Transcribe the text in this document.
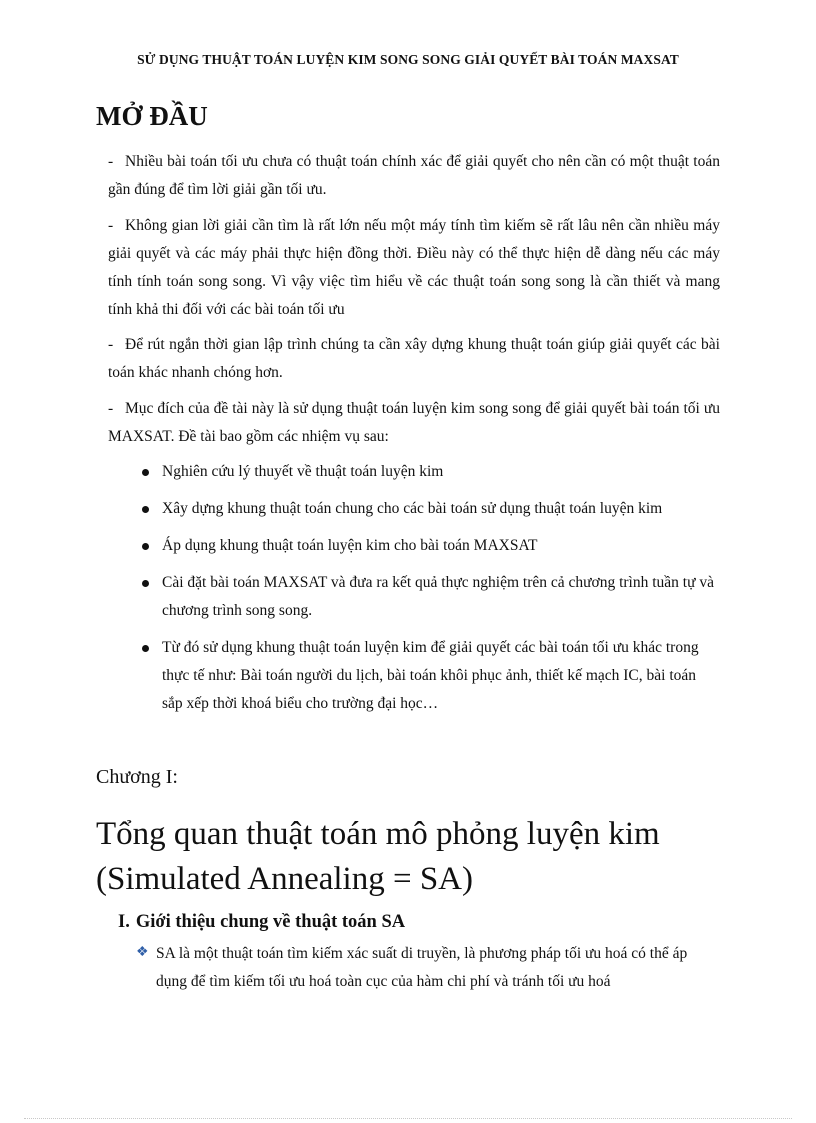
SỬ DỤNG THUẬT TOÁN LUYỆN KIM SONG SONG GIẢI QUYẾT BÀI TOÁN MAXSAT
MỞ ĐẦU

- Nhiều bài toán tối ưu chưa có thuật toán chính xác để giải quyết cho nên cần có một thuật toán gần đúng để tìm lời giải gần tối ưu.

- Không gian lời giải cần tìm là rất lớn nếu một máy tính tìm kiếm sẽ rất lâu nên cần nhiều máy giải quyết và các máy phải thực hiện đồng thời. Điều này có thể thực hiện dễ dàng nếu các máy tính tính toán song song. Vì vậy việc tìm hiểu về các thuật toán song song là cần thiết và mang tính khả thi đối với các bài toán tối ưu

- Để rút ngắn thời gian lập trình chúng ta cần xây dựng khung thuật toán giúp giải quyết các bài toán khác nhanh chóng hơn.

- Mục đích của đề tài này là sử dụng thuật toán luyện kim song song để giải quyết bài toán tối ưu MAXSAT. Đề tài bao gồm các nhiệm vụ sau:

Nghiên cứu lý thuyết về thuật toán luyện kim
Xây dựng khung thuật toán chung cho các bài toán sử dụng thuật toán luyện kim
Áp dụng khung thuật toán luyện kim cho bài toán MAXSAT
Cài đặt bài toán MAXSAT và đưa ra kết quả thực nghiệm trên cả chương trình tuần tự và chương trình song song.
Từ đó sử dụng khung thuật toán luyện kim để giải quyết các bài toán tối ưu khác trong thực tế như: Bài toán người du lịch, bài toán khôi phục ảnh, thiết kế mạch IC, bài toán sắp xếp thời khoá biểu cho trường đại học…
Chương I:
Tổng quan thuật toán mô phỏng luyện kim
(Simulated Annealing = SA)
I. Giới thiệu chung về thuật toán SA

❖ SA là một thuật toán tìm kiếm xác suất di truyền, là phương pháp tối ưu hoá có thể áp dụng để tìm kiếm tối ưu hoá toàn cục của hàm chi phí và tránh tối ưu hoá
